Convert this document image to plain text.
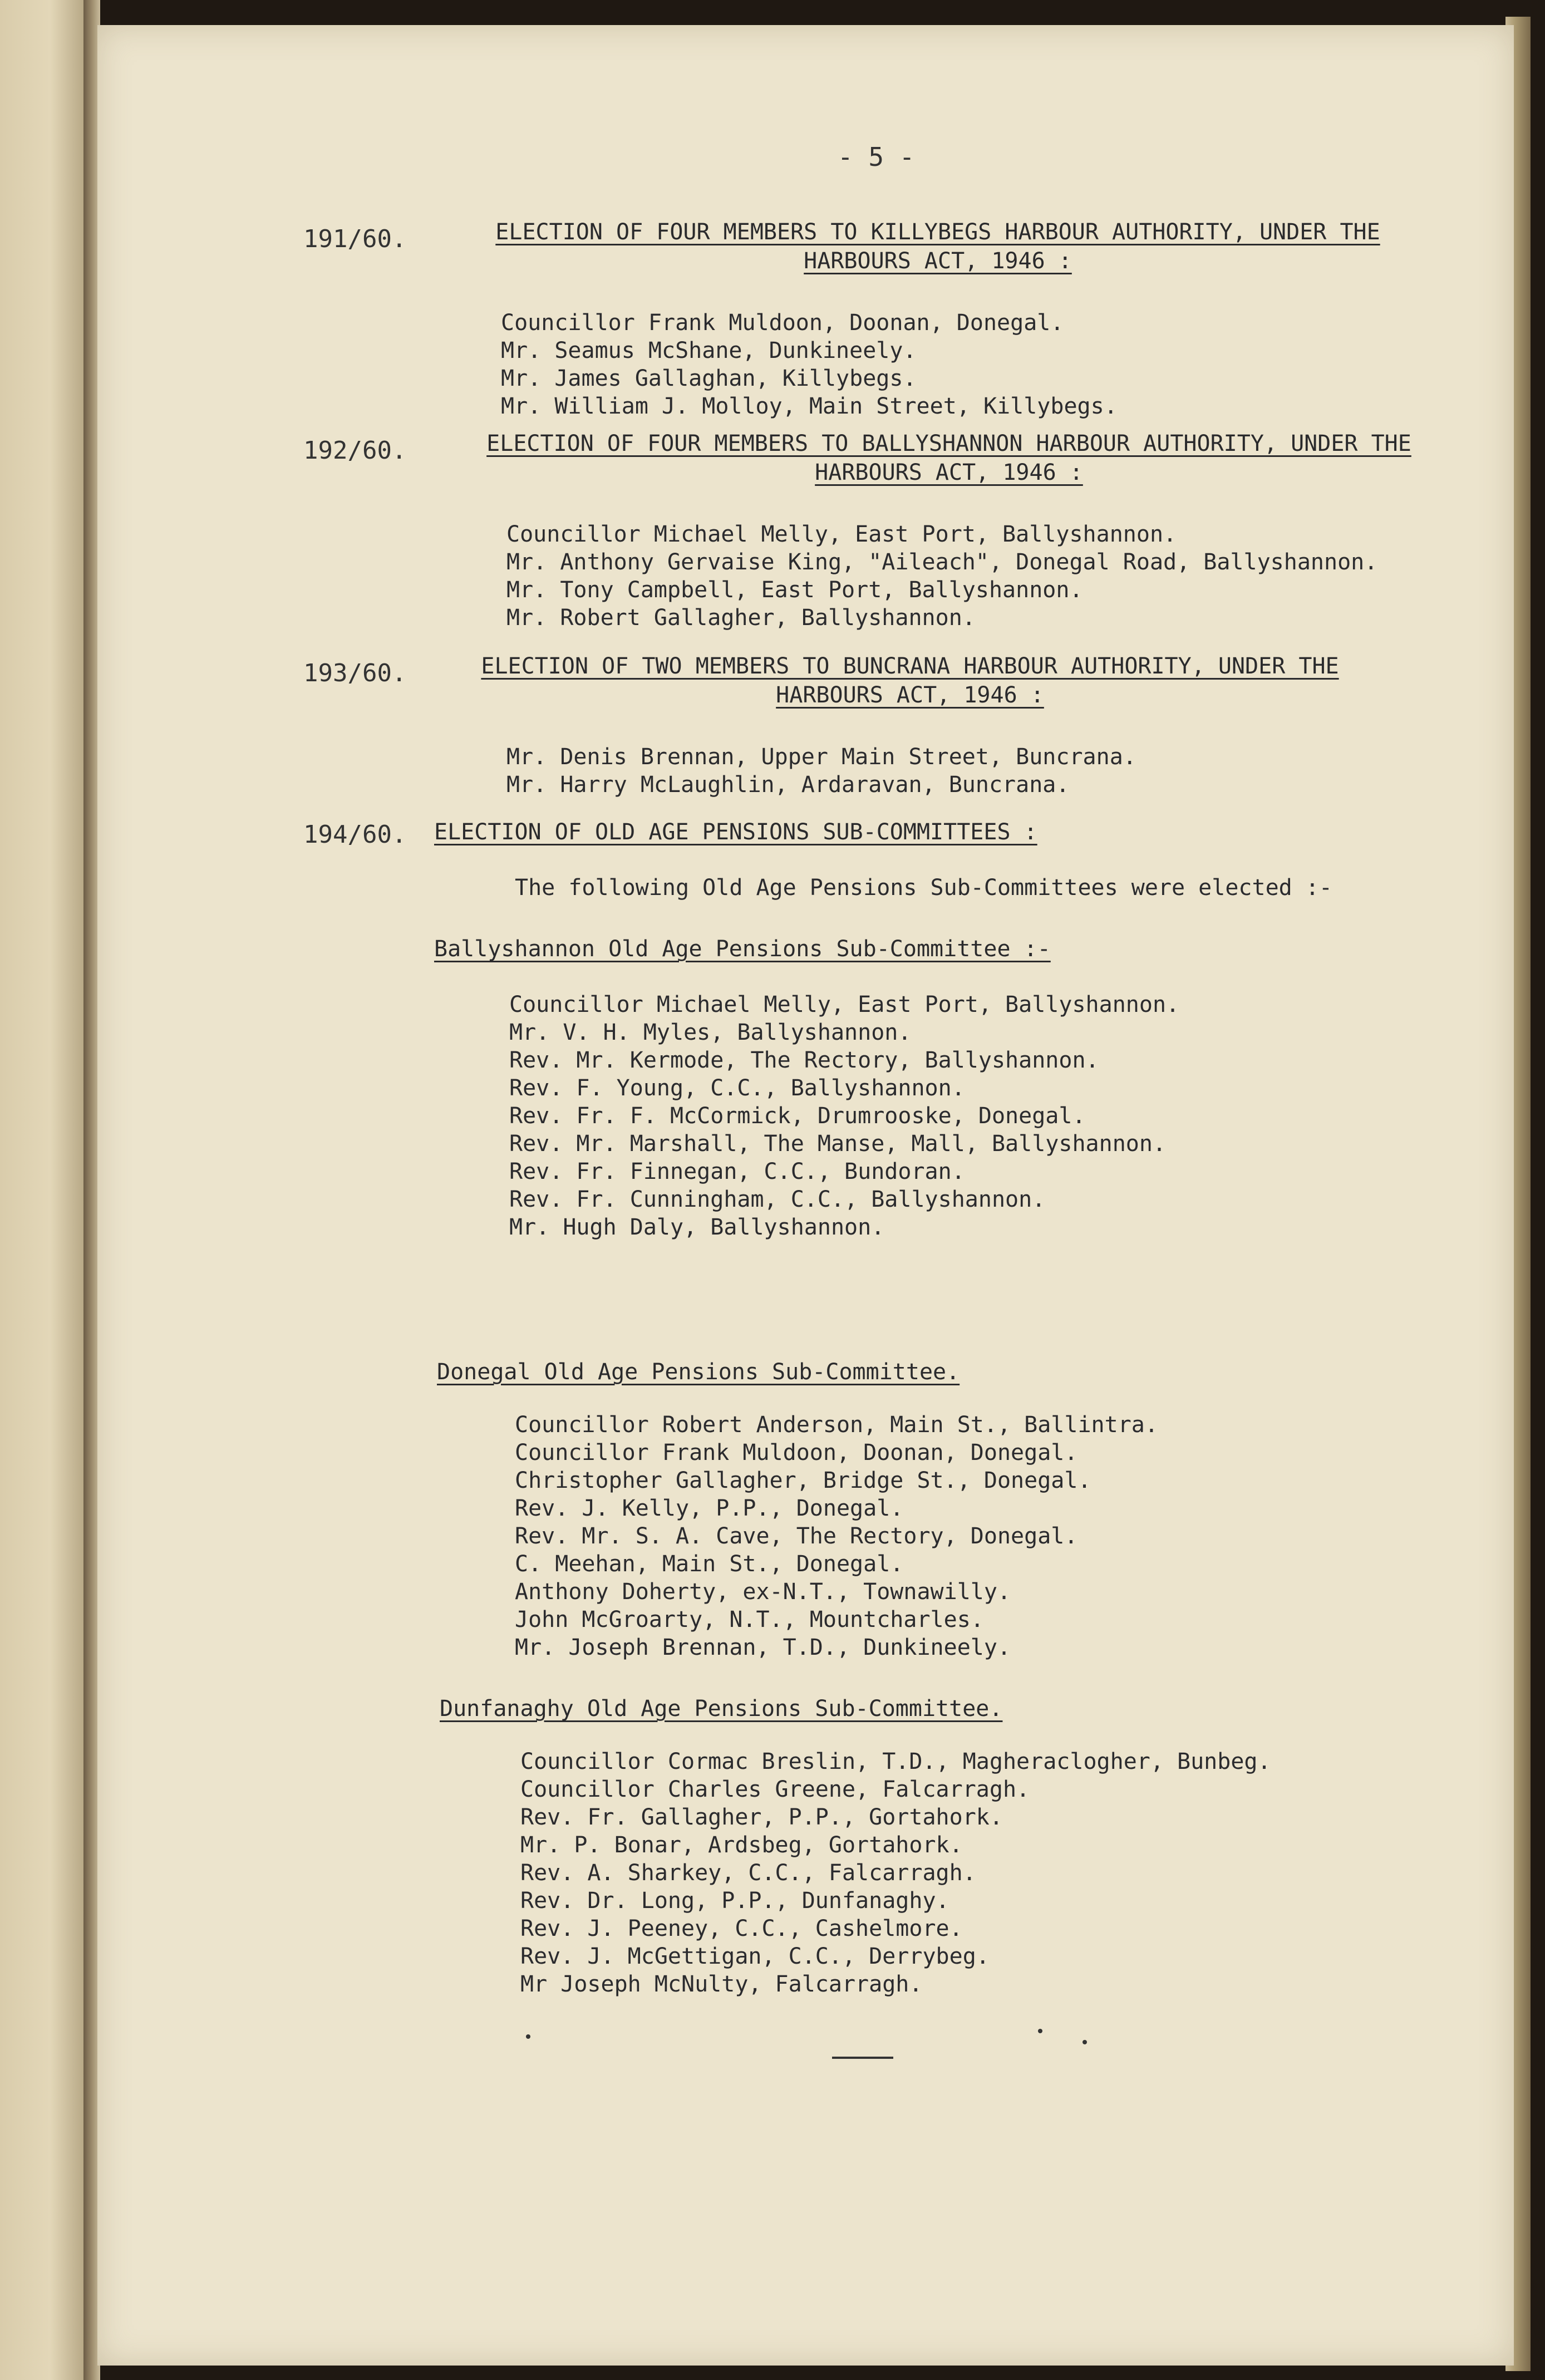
- 5 -
191/60.	ELECTION OF FOUR MEMBERS TO KILLYBEGS HARBOUR AUTHORITY, UNDER THE
HARBOURS ACT, 1946 :
Councillor Frank Muldoon, Doonan, Donegal.
Mr. Seamus McShane, Dunkineely.
Mr. James Gallaghan, Killybegs.
Mr. William J. Molloy, Main Street, Killybegs.
192/60.	ELECTION OF FOUR MEMBERS TO BALLYSHANNON HARBOUR AUTHORITY, UNDER THE
HARBOURS ACT, 1946 :
Councillor Michael Melly, East Port, Ballyshannon.
Mr. Anthony Gervaise King, "Aileach", Donegal Road, Ballyshannon.
Mr. Tony Campbell, East Port, Ballyshannon.
Mr. Robert Gallagher, Ballyshannon.
193/60.	ELECTION OF TWO MEMBERS TO BUNCRANA HARBOUR AUTHORITY, UNDER THE
HARBOURS ACT, 1946 :
Mr. Denis Brennan, Upper Main Street, Buncrana.
Mr. Harry McLaughlin, Ardaravan, Buncrana.
194/60. ELECTION OF OLD AGE PENSIONS SUB-COMMITTEES :
The following Old Age Pensions Sub-Committees were elected :-
Ballyshannon Old Age Pensions Sub-Committee :-
Councillor Michael Melly, East Port, Ballyshannon.
Mr. V. H. Myles, Ballyshannon.
Rev. Mr. Kermode, The Rectory, Ballyshannon.
Rev. F. Young, C.C., Ballyshannon.
Rev. Fr. F. McCormick, Drumrooske, Donegal.
Rev. Mr. Marshall, The Manse, Mall, Ballyshannon.
Rev. Fr. Finnegan, C.C., Bundoran.
Rev. Fr. Cunningham, C.C., Ballyshannon.
Mr. Hugh Daly, Ballyshannon.
Donegal Old Age Pensions Sub-Committee.
Councillor Robert Anderson, Main St., Ballintra.
Councillor Frank Muldoon, Doonan, Donegal.
Christopher Gallagher, Bridge St., Donegal.
Rev. J. Kelly, P.P., Donegal.
Rev. Mr. S. A. Cave, The Rectory, Donegal.
C. Meehan, Main St., Donegal.
Anthony Doherty, ex-N.T., Townawilly.
John McGroarty, N.T., Mountcharles.
Mr. Joseph Brennan, T.D., Dunkineely.
Dunfanaghy Old Age Pensions Sub-Committee.
Councillor Cormac Breslin, T.D., Magheraclogher, Bunbeg.
Councillor Charles Greene, Falcarragh.
Rev. Fr. Gallagher, P.P., Gortahork.
Mr. P. Bonar, Ardsbeg, Gortahork.
Rev. A. Sharkey, C.C., Falcarragh.
Rev. Dr. Long, P.P., Dunfanaghy.
Rev. J. Peeney, C.C., Cashelmore.
Rev. J. McGettigan, C.C., Derrybeg.
Mr Joseph McNulty, Falcarragh.
